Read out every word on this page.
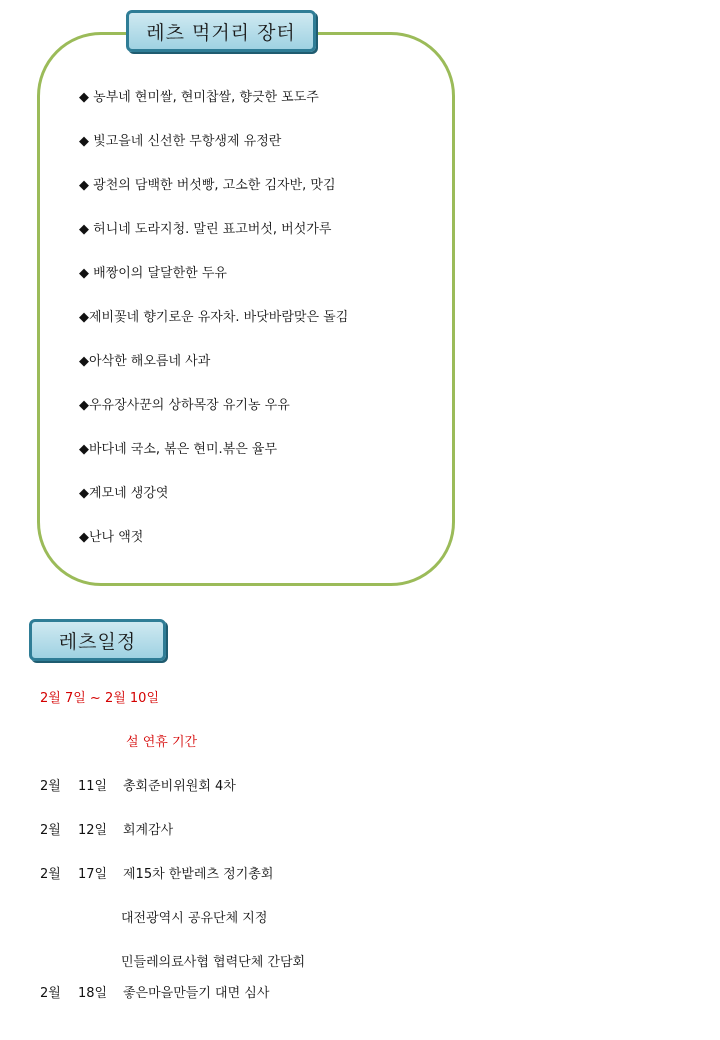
레츠 먹거리 장터
◆ 농부네 현미쌀, 현미찹쌀, 향긋한 포도주
◆ 빛고을네 신선한 무항생제 유정란
◆ 광천의 담백한 버섯빵, 고소한 김자반, 맛김
◆ 허니네 도라지청. 말린 표고버섯, 버섯가루
◆ 배짱이의 달달한한 두유
◆제비꽃네 향기로운 유자차. 바닷바람맞은 돌김
◆아삭한 해오름네 사과
◆우유장사꾼의 상하목장 유기농 우유
◆바다네 국소, 볶은 현미.볶은 율무
◆계모네 생강엿
◆난나 액젓
레츠일정
2월 7일 ~ 2월 10일
설 연휴 기간
2월 11일 총회준비위원회 4차
2월 12일 회계감사
2월 17일 제15차 한밭레츠 정기총회
대전광역시 공유단체 지정
민들레의료사협 협력단체 간담회
2월 18일 좋은마을만들기 대면 심사
